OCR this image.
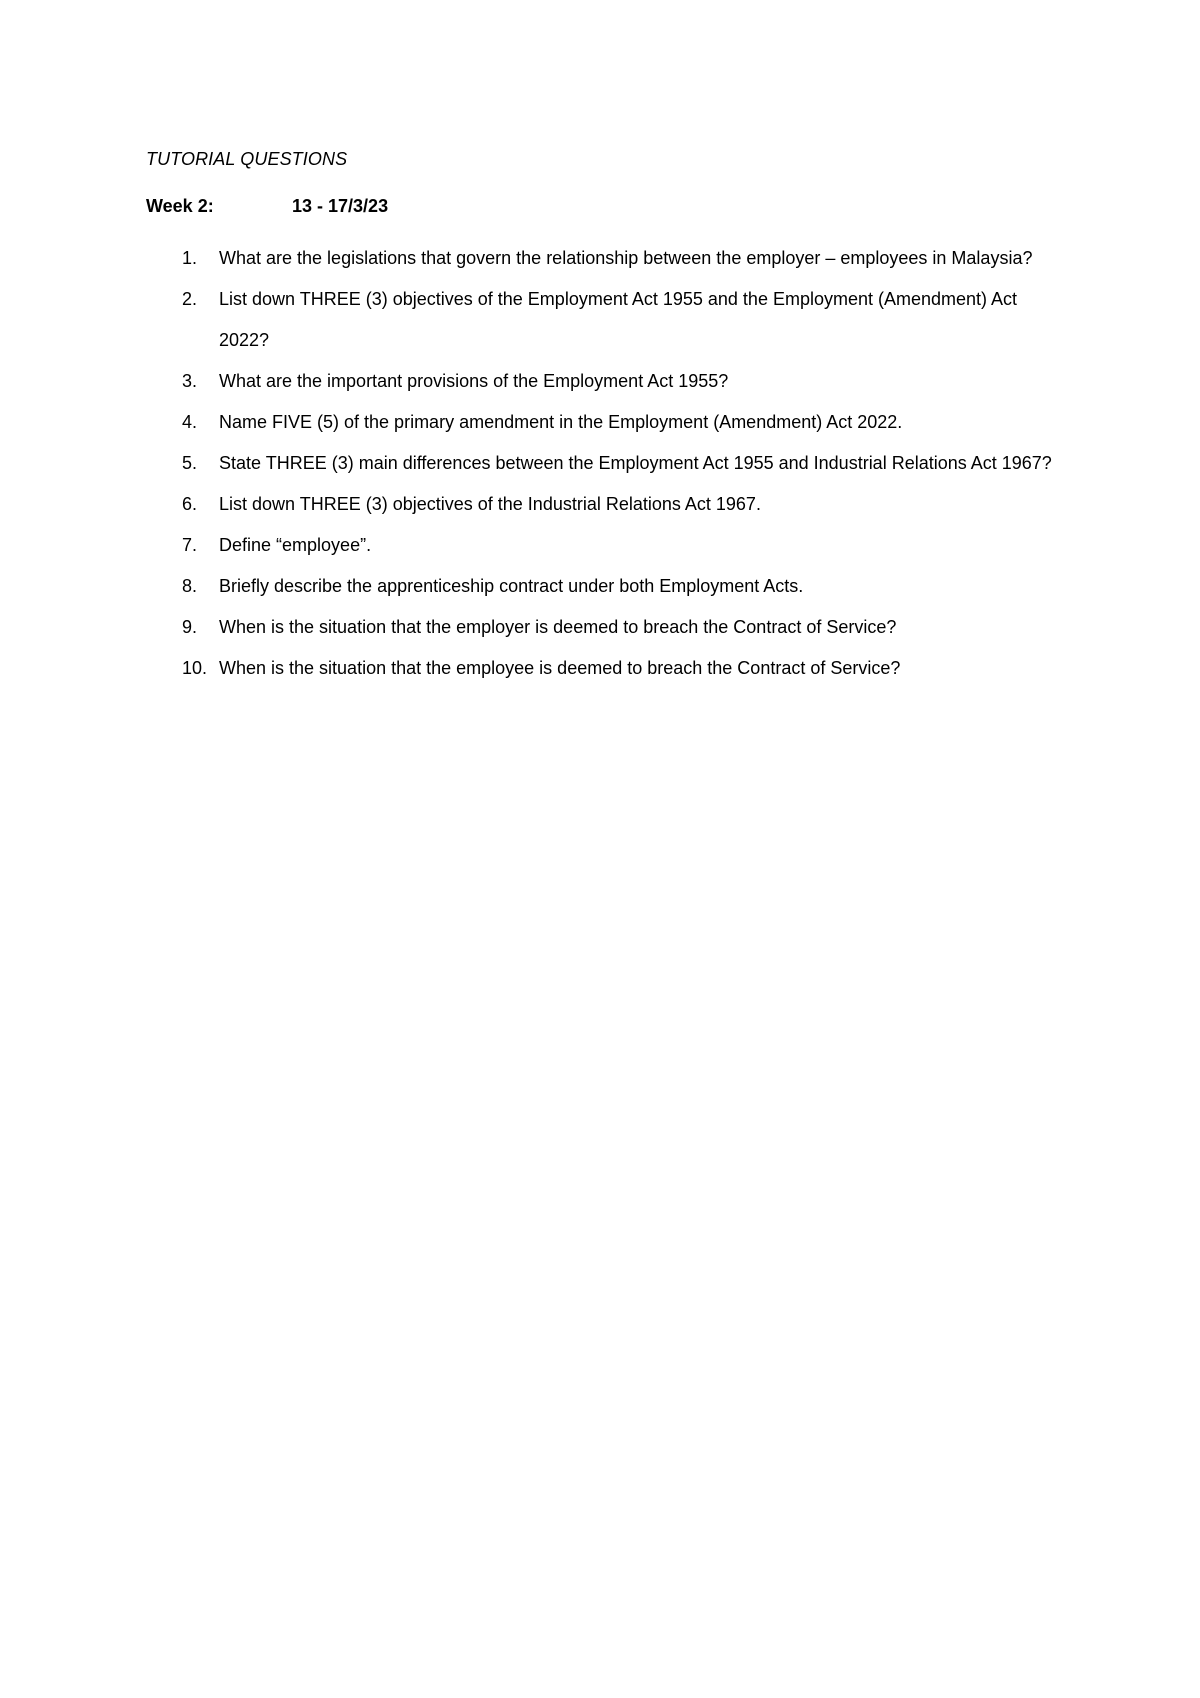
TUTORIAL QUESTIONS
Week 2:	13 - 17/3/23
1.	What are the legislations that govern the relationship between the employer – employees in Malaysia?
2.	List down THREE (3) objectives of the Employment Act 1955 and the Employment (Amendment) Act 2022?
3.	What are the important provisions of the Employment Act 1955?
4.	Name FIVE (5) of the primary amendment in the Employment (Amendment) Act 2022.
5.	State THREE (3) main differences between the Employment Act 1955 and Industrial Relations Act 1967?
6.	List down THREE (3) objectives of the Industrial Relations Act 1967.
7.	Define “employee”.
8.	Briefly describe the apprenticeship contract under both Employment Acts.
9.	When is the situation that the employer is deemed to breach the Contract of Service?
10. When is the situation that the employee is deemed to breach the Contract of Service?
